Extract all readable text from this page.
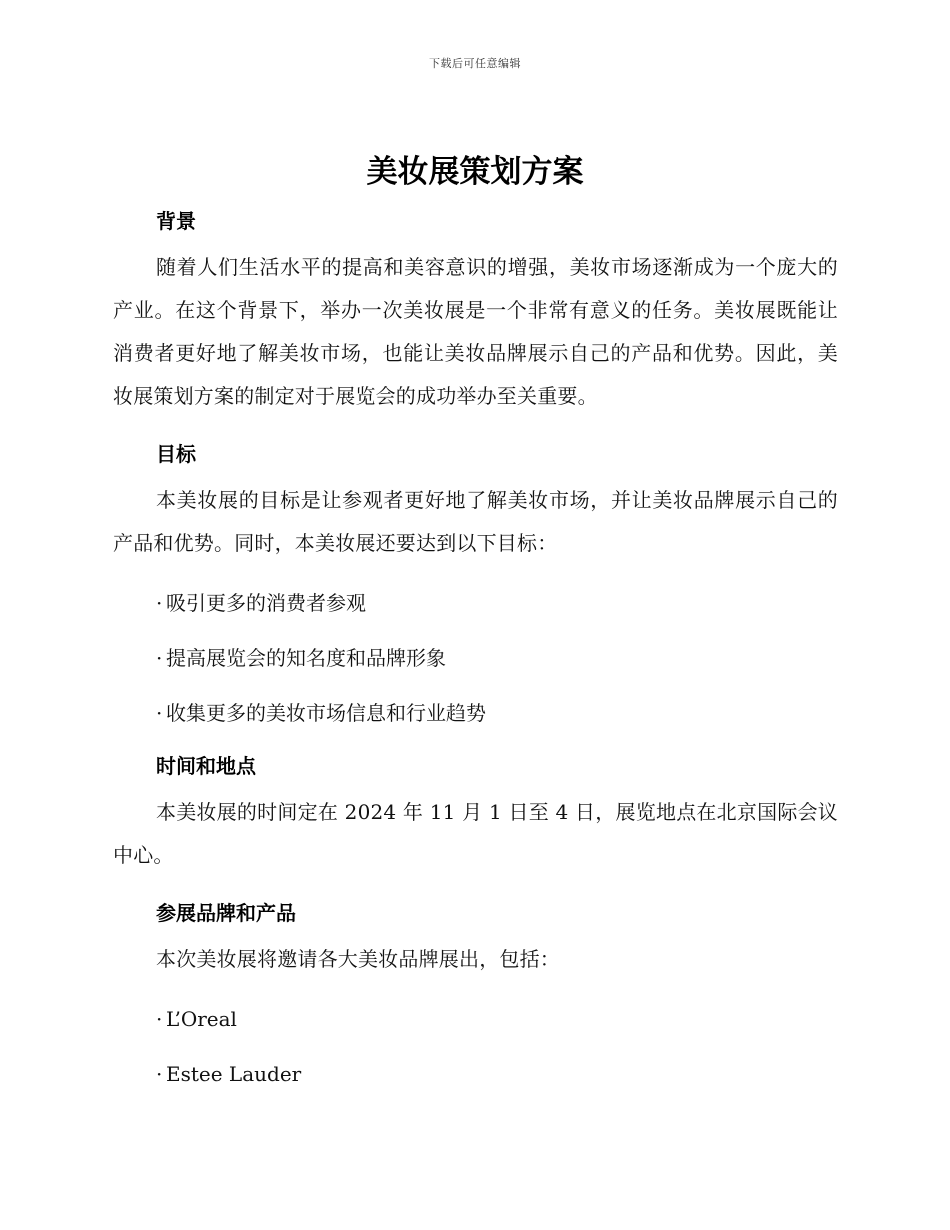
下载后可任意编辑
美妆展策划方案
背景

随着人们生活水平的提高和美容意识的增强，美妆市场逐渐成为一个庞大的产业。在这个背景下，举办一次美妆展是一个非常有意义的任务。美妆展既能让消费者更好地了解美妆市场，也能让美妆品牌展示自己的产品和优势。因此，美妆展策划方案的制定对于展览会的成功举办至关重要。

目标

本美妆展的目标是让参观者更好地了解美妆市场，并让美妆品牌展示自己的产品和优势。同时，本美妆展还要达到以下目标：

· 吸引更多的消费者参观
· 提高展览会的知名度和品牌形象
· 收集更多的美妆市场信息和行业趋势
时间和地点

本美妆展的时间定在 2024 年 11 月 1 日至 4 日，展览地点在北京国际会议中心。

参展品牌和产品

本次美妆展将邀请各大美妆品牌展出，包括：

· L’Oreal
· Estee Lauder
